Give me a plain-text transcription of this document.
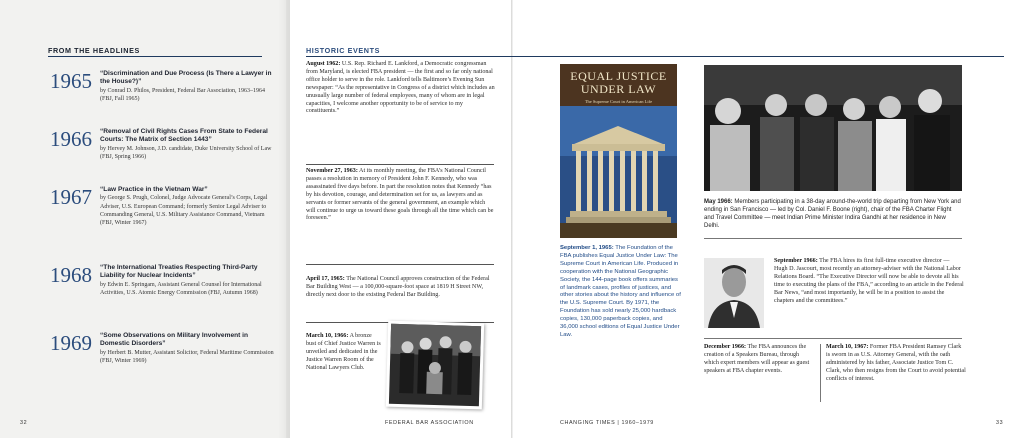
FROM THE HEADLINES
1965 “Discrimination and Due Process (Is There a Lawyer in the House?)”
by Conrad D. Philos, President, Federal Bar Association, 1963–1964 (FBJ, Fall 1965)
1966 “Removal of Civil Rights Cases From State to Federal Courts: The Matrix of Section 1443”
by Hervey M. Johnson, J.D. candidate, Duke University School of Law (FBJ, Spring 1966)
1967 “Law Practice in the Vietnam War”
by George S. Prugh, Colonel, Judge Advocate General’s Corps, Legal Adviser, U.S. European Command; formerly Senior Legal Adviser to Commanding General, U.S. Military Assistance Command, Vietnam (FBJ, Winter 1967)
1968 “The International Treaties Respecting Third-Party Liability for Nuclear Incidents”
by Edwin E. Springam, Assistant General Counsel for International Activities, U.S. Atomic Energy Commission (FBJ, Autumn 1968)
1969 “Some Observations on Military Involvement in Domestic Disorders”
by Herbert B. Mutter, Assistant Solicitor, Federal Maritime Commission (FBJ, Winter 1969)
32
HISTORIC EVENTS
August 1962: U.S. Rep. Richard E. Lankford, a Democratic congressman from Maryland, is elected FBA president — the first and so far only national office holder to serve in the role. Lankford tells Baltimore’s Evening Sun newspaper: “As the representative in Congress of a district which includes an unusually large number of federal employees, many of whom are in legal capacities, I welcome another opportunity to be of service to my constituents.”
November 27, 1963: At its monthly meeting, the FBA’s National Council passes a resolution in memory of President John F. Kennedy, who was assassinated five days before. In part the resolution notes that Kennedy “has by his devotion, courage, and determination set for us, as lawyers and as servants or former servants of the general government, an example which will continue to urge us toward these goals through all the time which can be foreseen.”
April 17, 1965: The National Council approves construction of the Federal Bar Building West — a 100,000-square-foot space at 1819 H Street NW, directly next door to the existing Federal Bar Building.
March 10, 1966: A bronze bust of Chief Justice Warren is unveiled and dedicated in the Justice Warren Room of the National Lawyers Club.
FEDERAL BAR ASSOCIATION
EQUAL JUSTICE
UNDER LAW
The Supreme Court in American Life
September 1, 1965: The Foundation of the FBA publishes Equal Justice Under Law: The Supreme Court in American Life. Produced in cooperation with the National Geographic Society, the 144-page book offers summaries of landmark cases, profiles of justices, and other stories about the history and influence of the U.S. Supreme Court. By 1971, the Foundation has sold nearly 25,000 hardback copies, 130,000 paperback copies, and 36,000 school editions of Equal Justice Under Law.
May 1966: Members participating in a 38-day around-the-world trip departing from New York and ending in San Francisco — led by Col. Daniel F. Boone (right), chair of the FBA Charter Flight and Travel Committee — meet Indian Prime Minister Indira Gandhi at her residence in New Delhi.
September 1966: The FBA hires its first full-time executive director — Hugh D. Jascourt, most recently an attorney-adviser with the National Labor Relations Board. “The Executive Director will now be able to devote all his time to executing the plans of the FBA,” according to an article in the Federal Bar News, “and most importantly, he will be in a position to assist the chapters and the committees.”
December 1966: The FBA announces the creation of a Speakers Bureau, through which expert members will appear as guest speakers at FBA chapter events.
March 10, 1967: Former FBA President Ramsey Clark is sworn in as U.S. Attorney General, with the oath administered by his father, Associate Justice Tom C. Clark, who then resigns from the Court to avoid potential conflicts of interest.
CHANGING TIMES | 1960–1979	33
